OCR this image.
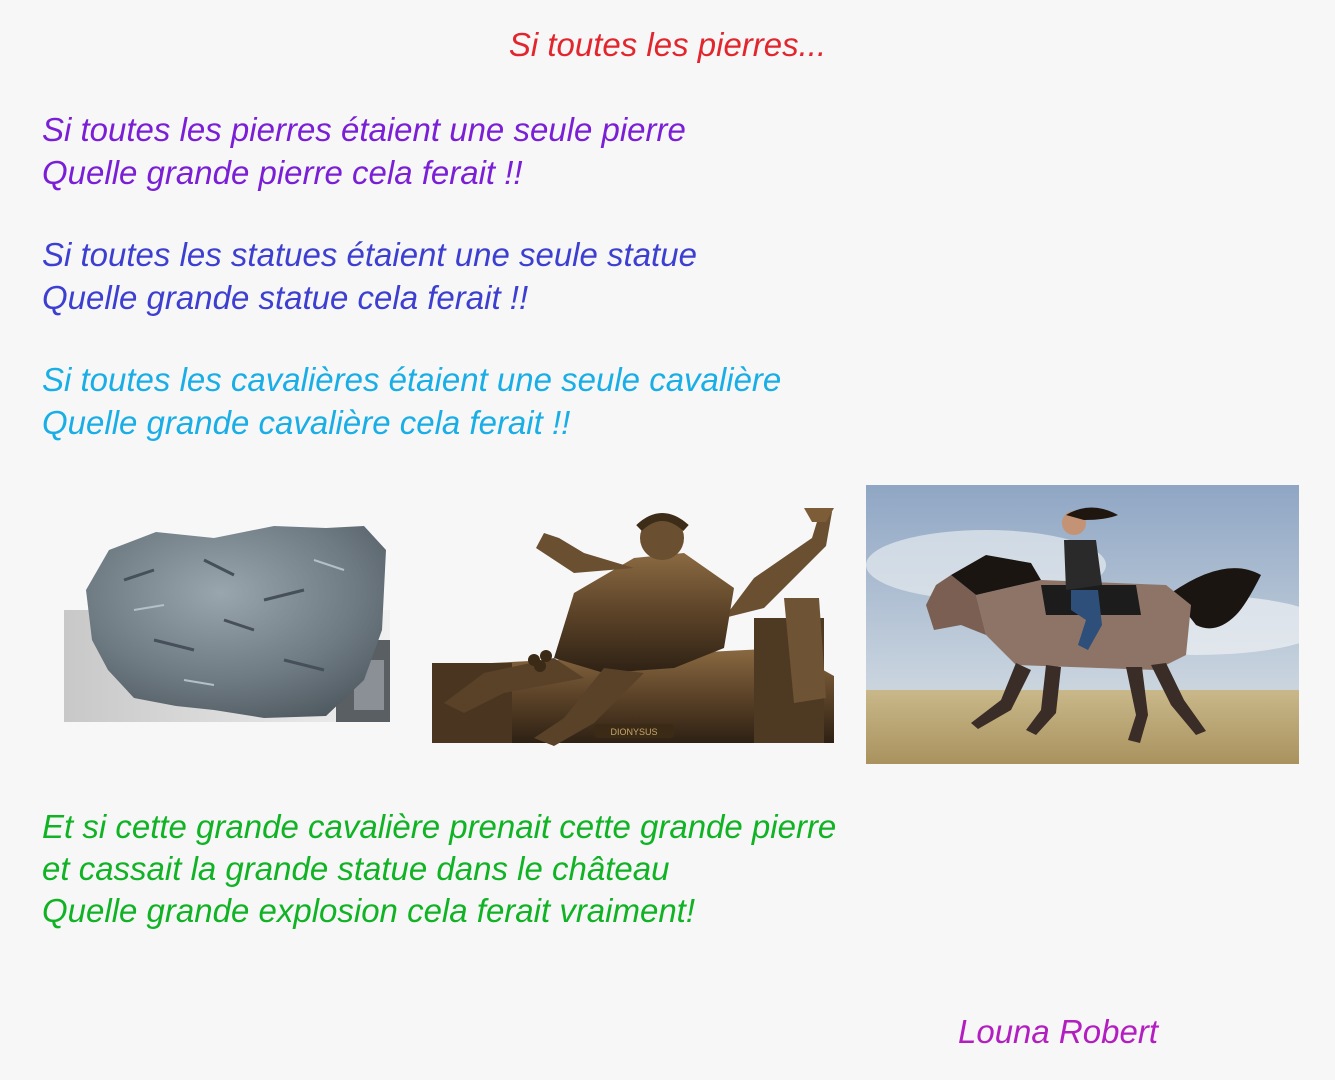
Si toutes les pierres...
Si toutes les pierres étaient une seule pierre
Quelle grande pierre cela ferait !!
Si toutes les statues étaient une seule statue
Quelle grande statue cela ferait !!
Si toutes les cavalières étaient une seule cavalière
Quelle grande cavalière cela ferait !!
DIONYSUS
Et si cette grande cavalière prenait cette grande pierre
et cassait la grande statue dans le château
Quelle grande explosion cela ferait vraiment!
Louna Robert
